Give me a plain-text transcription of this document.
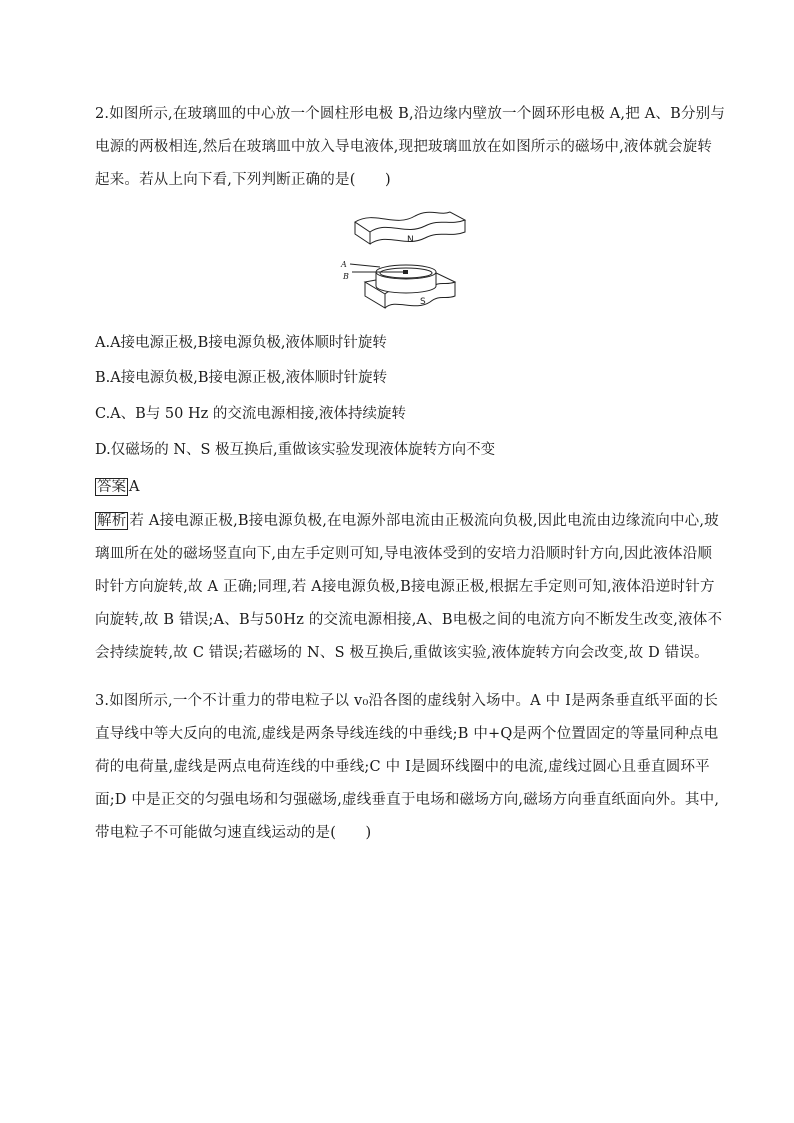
2.如图所示,在玻璃皿的中心放一个圆柱形电极 B,沿边缘内壁放一个圆环形电极 A,把 A、B分别与
电源的两极相连,然后在玻璃皿中放入导电液体,现把玻璃皿放在如图所示的磁场中,液体就会旋转
起来。若从上向下看,下列判断正确的是(　　)
N
S
A
B
A.A接电源正极,B接电源负极,液体顺时针旋转
B.A接电源负极,B接电源正极,液体顺时针旋转
C.A、B与 50 Hz 的交流电源相接,液体持续旋转
D.仅磁场的 N、S 极互换后,重做该实验发现液体旋转方向不变
答案 A
解析 若 A接电源正极,B接电源负极,在电源外部电流由正极流向负极,因此电流由边缘流向中心,玻
璃皿所在处的磁场竖直向下,由左手定则可知,导电液体受到的安培力沿顺时针方向,因此液体沿顺
时针方向旋转,故 A 正确;同理,若 A接电源负极,B接电源正极,根据左手定则可知,液体沿逆时针方
向旋转,故 B 错误;A、B与50Hz 的交流电源相接,A、B电极之间的电流方向不断发生改变,液体不
会持续旋转,故 C 错误;若磁场的 N、S 极互换后,重做该实验,液体旋转方向会改变,故 D 错误。
3.如图所示,一个不计重力的带电粒子以 v₀沿各图的虚线射入场中。A 中 I是两条垂直纸平面的长
直导线中等大反向的电流,虚线是两条导线连线的中垂线;B 中+Q是两个位置固定的等量同种点电
荷的电荷量,虚线是两点电荷连线的中垂线;C 中 I是圆环线圈中的电流,虚线过圆心且垂直圆环平
面;D 中是正交的匀强电场和匀强磁场,虚线垂直于电场和磁场方向,磁场方向垂直纸面向外。其中,
带电粒子不可能做匀速直线运动的是(　　)
